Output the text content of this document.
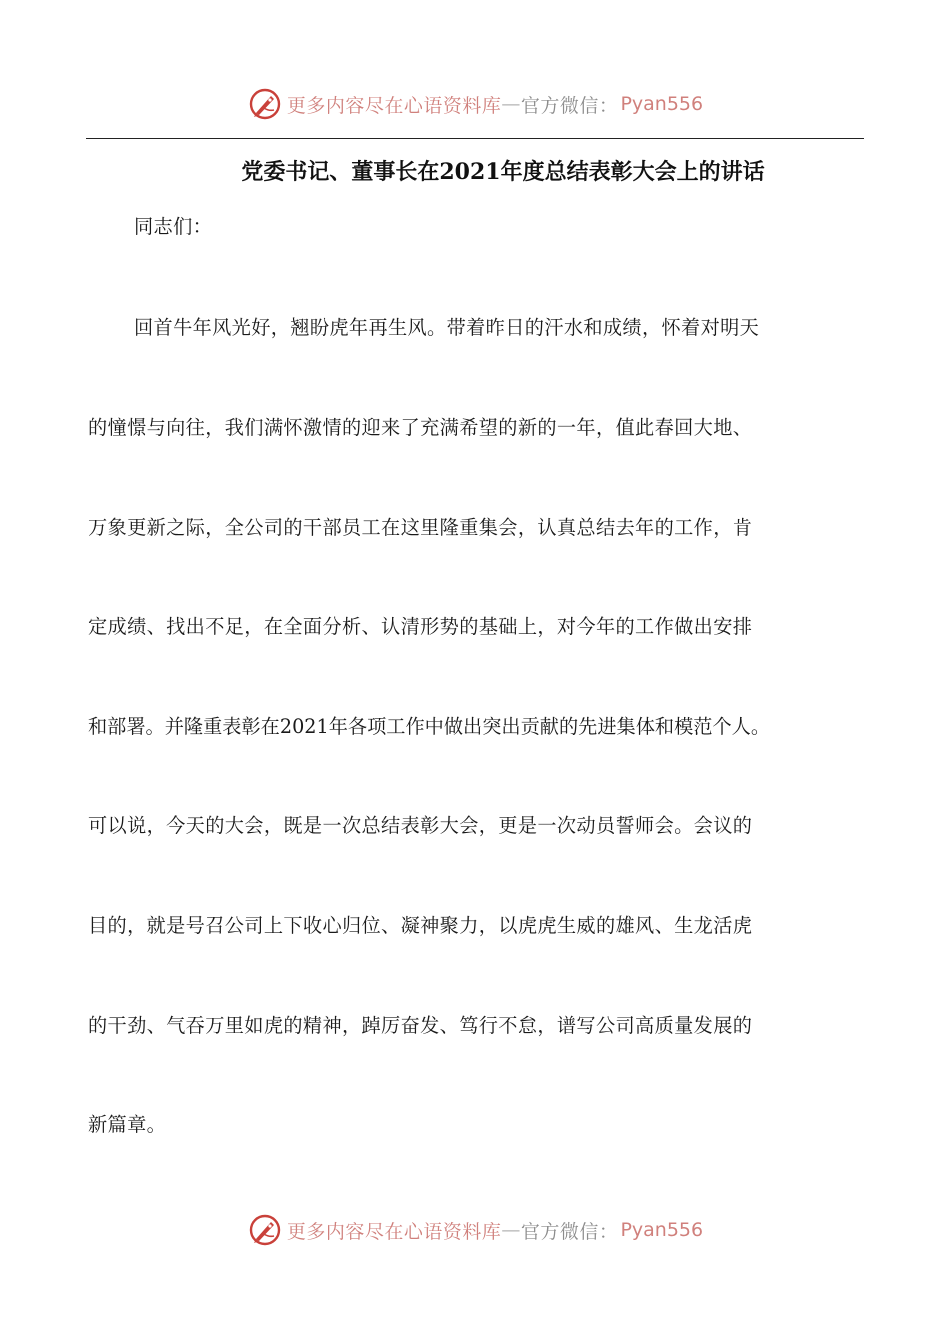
更多内容尽在心语资料库 — 官方微信： Pyan556
党委书记、董事长在2021年度总结表彰大会上的讲话
同志们：
回首牛年风光好，翘盼虎年再生风。带着昨日的汗水和成绩，怀着对明天
的憧憬与向往，我们满怀激情的迎来了充满希望的新的一年，值此春回大地、
万象更新之际，全公司的干部员工在这里隆重集会，认真总结去年的工作，肯
定成绩、找出不足，在全面分析、认清形势的基础上，对今年的工作做出安排
和部署。并隆重表彰在2021年各项工作中做出突出贡献的先进集体和模范个人。
可以说，今天的大会，既是一次总结表彰大会，更是一次动员誓师会。会议的
目的，就是号召公司上下收心归位、凝神聚力，以虎虎生威的雄风、生龙活虎
的干劲、气吞万里如虎的精神，踔厉奋发、笃行不怠，谱写公司高质量发展的
新篇章。
更多内容尽在心语资料库 — 官方微信： Pyan556
